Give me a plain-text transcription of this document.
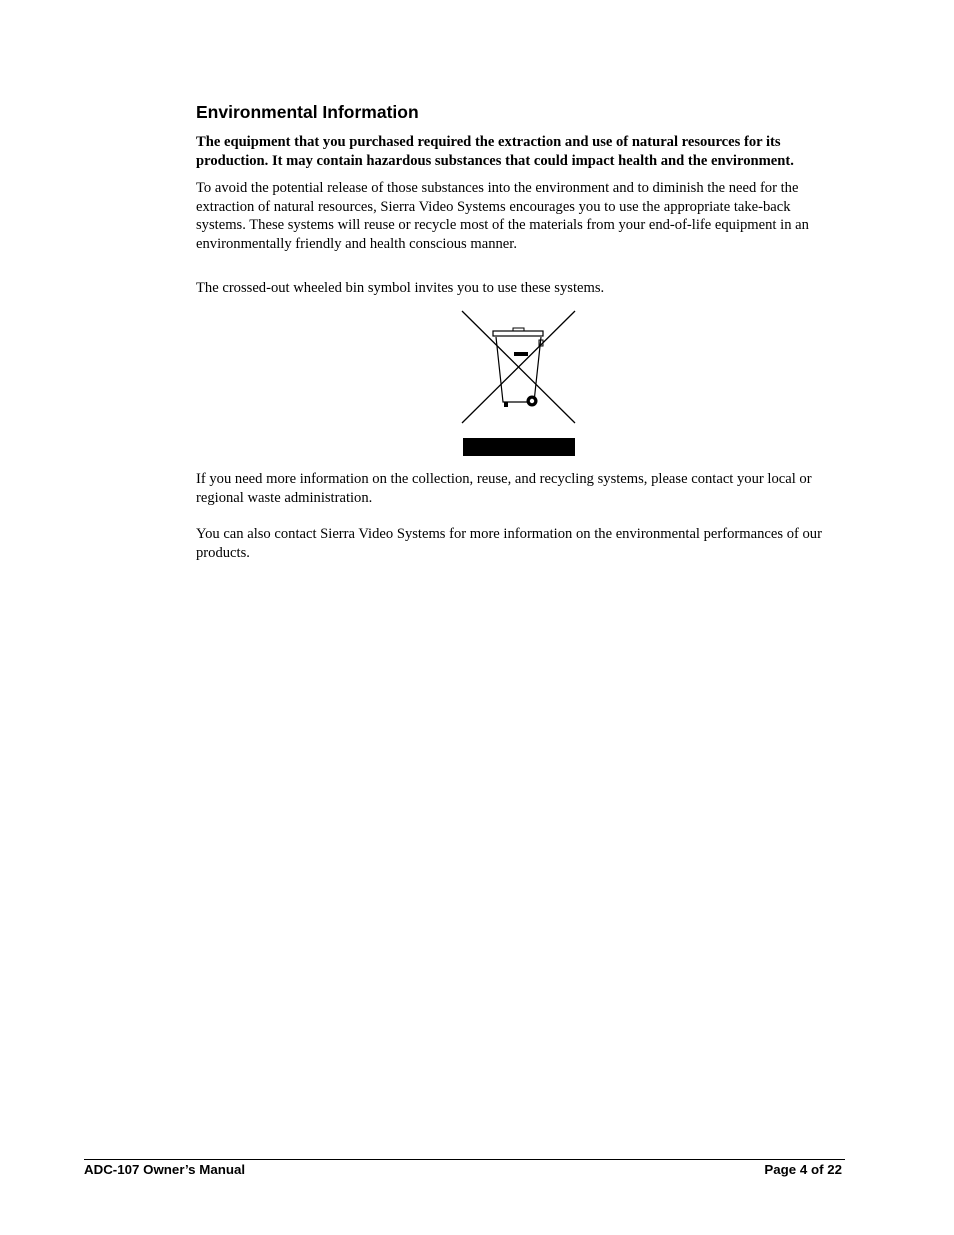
Environmental Information

The equipment that you purchased required the extraction and use of natural resources for its production. It may contain hazardous substances that could impact health and the environment.

To avoid the potential release of those substances into the environment and to diminish the need for the extraction of natural resources, Sierra Video Systems encourages you to use the appropriate take-back systems. These systems will reuse or recycle most of the materials from your end-of-life equipment in an environmentally friendly and health conscious manner.

The crossed-out wheeled bin symbol invites you to use these systems.

If you need more information on the collection, reuse, and recycling systems, please contact your local or regional waste administration.

You can also contact Sierra Video Systems for more information on the environmental performances of our products.

ADC-107 Owner’s Manual	Page 4 of 22
